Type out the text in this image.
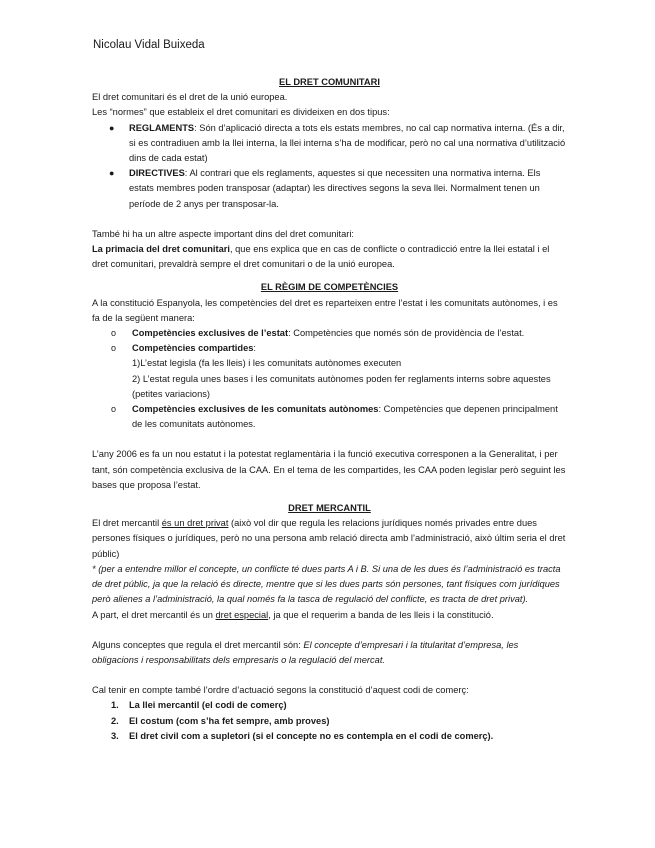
Nicolau Vidal Buixeda

EL DRET COMUNITARI

El dret comunitari és el dret de la unió europea.

Les “normes” que estableix el dret comunitari es divideixen en dos tipus:

● REGLAMENTS: Són d’aplicació directa a tots els estats membres, no cal cap normativa interna. (És a dir, si es contradiuen amb la llei interna, la llei interna s’ha de modificar, però no cal una normativa d’utilització dins de cada estat)
● DIRECTIVES: Al contrari que els reglaments, aquestes si que necessiten una normativa interna. Els estats membres poden transposar (adaptar) les directives segons la seva llei. Normalment tenen un període de 2 anys per transposar-la.

També hi ha un altre aspecte important dins del dret comunitari:

La primacia del dret comunitari, que ens explica que en cas de conflicte o contradicció entre la llei estatal i el dret comunitari, prevaldrà sempre el dret comunitari o de la unió europea.

EL RÈGIM DE COMPETÈNCIES

A la constitució Espanyola, les competències del dret es reparteixen entre l’estat i les comunitats autònomes, i es fa de la següent manera:

o Competències exclusives de l’estat: Competències que només són de providència de l’estat.
o Competències compartides:
1)L’estat legisla (fa les lleis) i les comunitats autònomes executen
2) L’estat regula unes bases i les comunitats autònomes poden fer reglaments interns sobre aquestes (petites variacions)
o Competències exclusives de les comunitats autònomes: Competències que depenen principalment de les comunitats autònomes.

L’any 2006 es fa un nou estatut i la potestat reglamentària i la funció executiva corresponen a la Generalitat, i per tant, són competència exclusiva de la CAA. En el tema de les compartides, les CAA poden legislar però seguint les bases que proposa l’estat.

DRET MERCANTIL

El dret mercantil és un dret privat (això vol dir que regula les relacions jurídiques només privades entre dues persones físiques o jurídiques, però no una persona amb relació directa amb l’administració, això últim seria el dret públic)

* (per a entendre millor el concepte, un conflicte té dues parts A i B. Si una de les dues és l’administració es tracta de dret públic, ja que la relació és directe, mentre que si les dues parts són persones, tant físiques com jurídiques però alienes a l’administració, la qual només fa la tasca de regulació del conflicte, es tracta de dret privat).

A part, el dret mercantil és un dret especial, ja que el requerim a banda de les lleis i la constitució.

Alguns conceptes que regula el dret mercantil són: El concepte d’empresari i la titularitat d’empresa, les obligacions i responsabilitats dels empresaris o la regulació del mercat.

Cal tenir en compte també l’ordre d’actuació segons la constitució d’aquest codi de comerç:

1. La llei mercantil (el codi de comerç)
2. El costum (com s’ha fet sempre, amb proves)
3. El dret civil com a supletori (si el concepte no es contempla en el codi de comerç).
